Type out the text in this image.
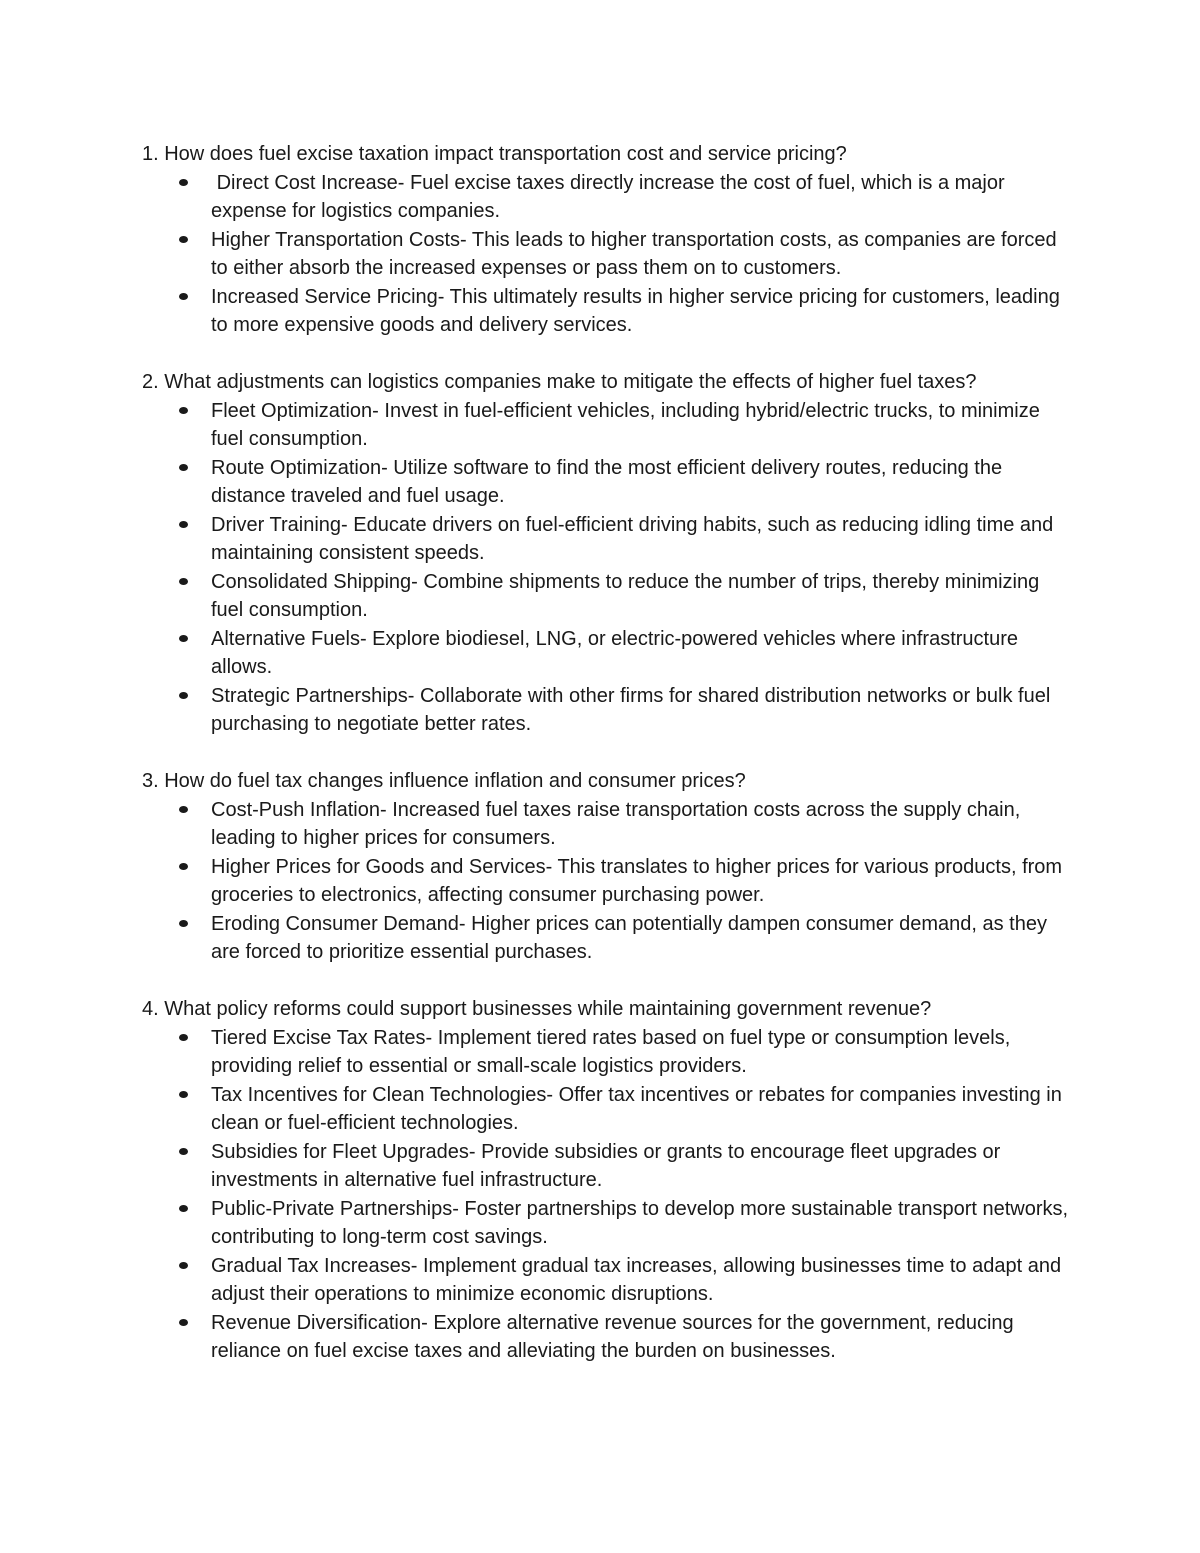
1. How does fuel excise taxation impact transportation cost and service pricing?

Direct Cost Increase- Fuel excise taxes directly increase the cost of fuel, which is a major expense for logistics companies.
Higher Transportation Costs- This leads to higher transportation costs, as companies are forced to either absorb the increased expenses or pass them on to customers.
Increased Service Pricing- This ultimately results in higher service pricing for customers, leading to more expensive goods and delivery services.

2. What adjustments can logistics companies make to mitigate the effects of higher fuel taxes?

Fleet Optimization- Invest in fuel-efficient vehicles, including hybrid/electric trucks, to minimize fuel consumption.
Route Optimization- Utilize software to find the most efficient delivery routes, reducing the distance traveled and fuel usage.
Driver Training- Educate drivers on fuel-efficient driving habits, such as reducing idling time and maintaining consistent speeds.
Consolidated Shipping- Combine shipments to reduce the number of trips, thereby minimizing fuel consumption.
Alternative Fuels- Explore biodiesel, LNG, or electric-powered vehicles where infrastructure allows.
Strategic Partnerships- Collaborate with other firms for shared distribution networks or bulk fuel purchasing to negotiate better rates.

3. How do fuel tax changes influence inflation and consumer prices?

Cost-Push Inflation- Increased fuel taxes raise transportation costs across the supply chain, leading to higher prices for consumers.
Higher Prices for Goods and Services- This translates to higher prices for various products, from groceries to electronics, affecting consumer purchasing power.
Eroding Consumer Demand- Higher prices can potentially dampen consumer demand, as they are forced to prioritize essential purchases.

4. What policy reforms could support businesses while maintaining government revenue?

Tiered Excise Tax Rates- Implement tiered rates based on fuel type or consumption levels, providing relief to essential or small-scale logistics providers.
Tax Incentives for Clean Technologies- Offer tax incentives or rebates for companies investing in clean or fuel-efficient technologies.
Subsidies for Fleet Upgrades- Provide subsidies or grants to encourage fleet upgrades or investments in alternative fuel infrastructure.
Public-Private Partnerships- Foster partnerships to develop more sustainable transport networks, contributing to long-term cost savings.
Gradual Tax Increases- Implement gradual tax increases, allowing businesses time to adapt and adjust their operations to minimize economic disruptions.
Revenue Diversification- Explore alternative revenue sources for the government, reducing reliance on fuel excise taxes and alleviating the burden on businesses.
